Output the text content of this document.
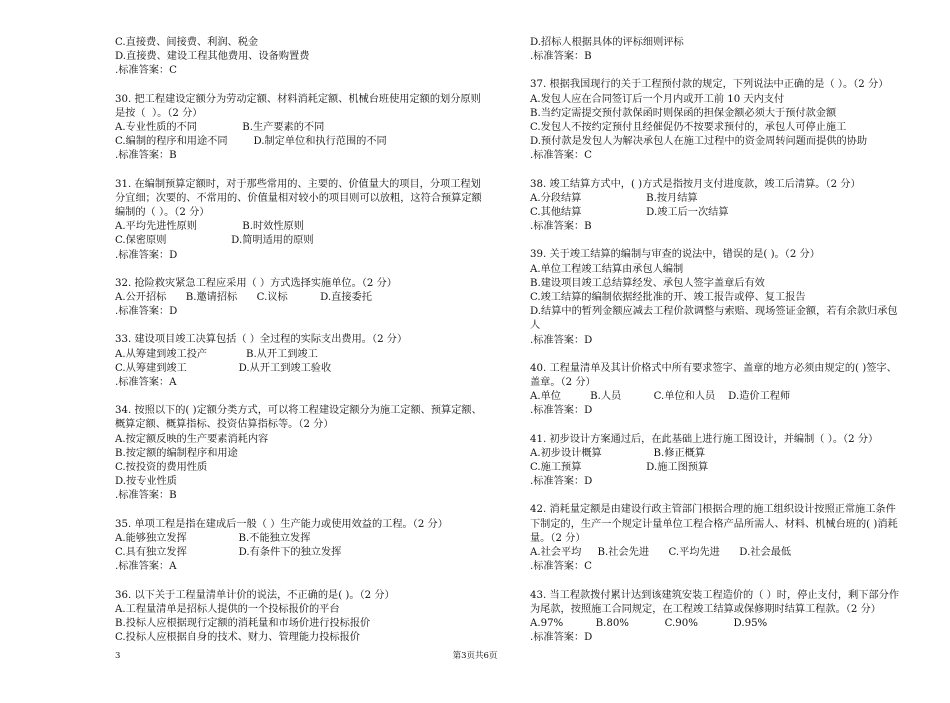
C.直接费、间接费、利润、税金
D.直接费、建设工程其他费用、设备购置费
.标准答案：C
30. 把工程建设定额分为劳动定额、材料消耗定额、机械台班使用定额的划分原则
是按（  ）。（2 分）
A.专业性质的不同              B.生产要素的不同
C.编制的程序和用途不同        D.制定单位和执行范围的不同
.标准答案：B
31. 在编制预算定额时，对于那些常用的、主要的、价值量大的项目，分项工程划
分宜细；次要的、不常用的、价值量相对较小的项目则可以放粗，这符合预算定额
编制的（ ）。（2 分）
A.平均先进性原则              B.时效性原则
C.保密原则                    D.简明适用的原则
.标准答案：D
32. 抢险救灾紧急工程应采用（ ）方式选择实施单位。（2 分）
A.公开招标      B.邀请招标      C.议标          D.直接委托
.标准答案：D
33. 建设项目竣工决算包括（ ）全过程的实际支出费用。（2 分）
A.从筹建到竣工投产            B.从开工到竣工
C.从筹建到竣工                D.从开工到竣工验收
.标准答案：A
34. 按照以下的( )定额分类方式，可以将工程建设定额分为施工定额、预算定额、
概算定额、概算指标、投资估算指标等。（2 分）
A.按定额反映的生产要素消耗内容
B.按定额的编制程序和用途
C.按投资的费用性质
D.按专业性质
.标准答案：B
35. 单项工程是指在建成后一般（ ）生产能力或使用效益的工程。（2 分）
A.能够独立发挥                B.不能独立发挥
C.具有独立发挥                D.有条件下的独立发挥
.标准答案：A
36. 以下关于工程量清单计价的说法，不正确的是( )。（2 分）
A.工程量清单是招标人提供的一个投标报价的平台
B.投标人应根据现行定额的消耗量和市场价进行投标报价
C.投标人应根据自身的技术、财力、管理能力投标报价
D.招标人根据具体的评标细则评标
.标准答案：B
37. 根据我国现行的关于工程预付款的规定，下列说法中正确的是（ ）。（2 分）
A.发包人应在合同签订后一个月内或开工前 10 天内支付
B.当约定需提交预付款保函时则保函的担保金额必须大于预付款金额
C.发包人不按约定预付且经催促仍不按要求预付的，承包人可停止施工
D.预付款是发包人为解决承包人在施工过程中的资金周转问题而提供的协助
.标准答案：C
38. 竣工结算方式中，( )方式是指按月支付进度款，竣工后清算。（2 分）
A.分段结算                    B.按月结算
C.其他结算                    D.竣工后一次结算
.标准答案：B
39. 关于竣工结算的编制与审查的说法中，错误的是( )。（2 分）
A.单位工程竣工结算由承包人编制
B.建设项目竣工总结算经发、承包人签字盖章后有效
C.竣工结算的编制依据经批准的开、竣工报告或停、复工报告
D.结算中的暂列金额应减去工程价款调整与索赔、现场签证金额，若有余款归承包
人
.标准答案：D
40. 工程量清单及其计价格式中所有要求签字、盖章的地方必须由规定的( )签字、
盖章。（2 分）
A.单位         B.人员          C.单位和人员    D.造价工程师
.标准答案：D
41. 初步设计方案通过后，在此基础上进行施工图设计，并编制（ ）。（2 分）
A.初步设计概算                B.修正概算
C.施工预算                    D.施工图预算
.标准答案：D
42. 消耗量定额是由建设行政主管部门根据合理的施工组织设计按照正常施工条件
下制定的，生产一个规定计量单位工程合格产品所需人、材料、机械台班的( )消耗
量。（2 分）
A.社会平均     B.社会先进      C.平均先进      D.社会最低
.标准答案：C
43. 当工程款拨付累计达到该建筑安装工程造价的（ ）时，停止支付，剩下部分作
为尾款，按照施工合同规定，在工程竣工结算或保修期时结算工程款。（2 分）
A.97%          B.80%           C.90%           D.95%
.标准答案：D
3	第3页共6页
